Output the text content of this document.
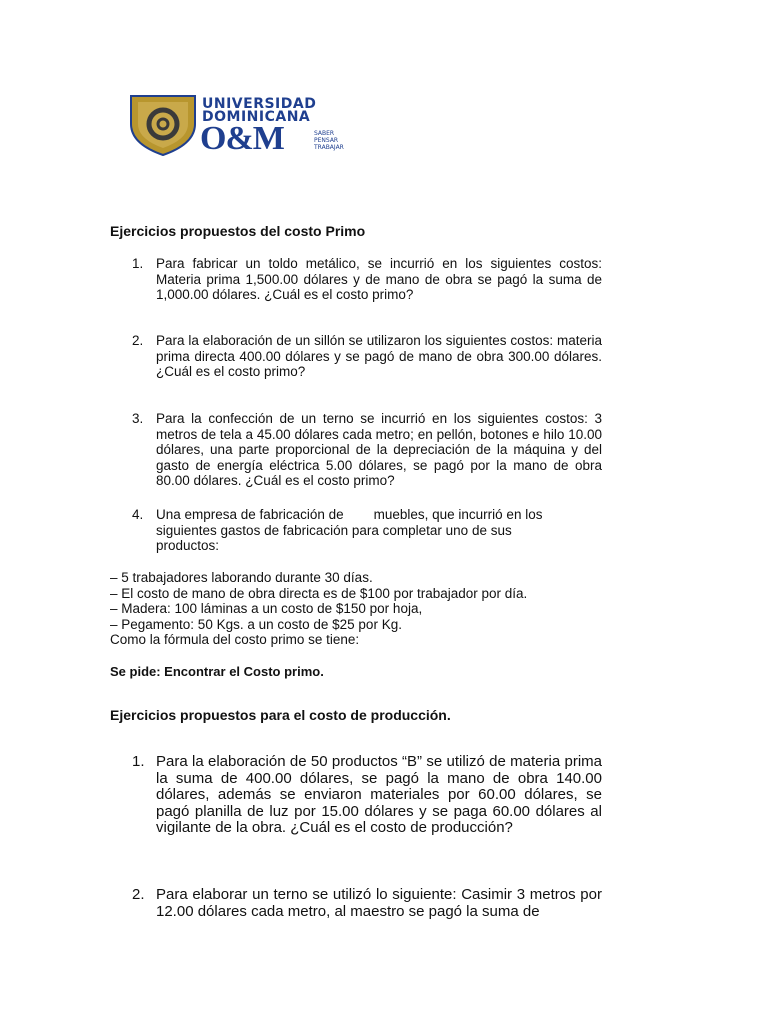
UNIVERSIDAD
DOMINICANA
O&M	SABER
PENSAR
TRABAJAR
Ejercicios propuestos del costo Primo
1. Para fabricar un toldo metálico, se incurrió en los siguientes costos: Materia prima 1,500.00 dólares y de mano de obra se pagó la suma de 1,000.00 dólares. ¿Cuál es el costo primo?
2. Para la elaboración de un sillón se utilizaron los siguientes costos: materia prima directa 400.00 dólares y se pagó de mano de obra 300.00 dólares. ¿Cuál es el costo primo?
3. Para la confección de un terno se incurrió en los siguientes costos: 3 metros de tela a 45.00 dólares cada metro; en pellón, botones e hilo 10.00 dólares, una parte proporcional de la depreciación de la máquina y del gasto de energía eléctrica 5.00 dólares, se pagó por la mano de obra 80.00 dólares. ¿Cuál es el costo primo?
4. Una empresa de fabricación de        muebles, que incurrió en los siguientes gastos de fabricación para completar uno de sus productos:
– 5 trabajadores laborando durante 30 días.
– El costo de mano de obra directa es de $100 por trabajador por día.
– Madera: 100 láminas a un costo de $150 por hoja,
– Pegamento: 50 Kgs. a un costo de $25 por Kg.
Como la fórmula del costo primo se tiene:
Se pide: Encontrar el Costo primo.
Ejercicios propuestos para el costo de producción.
1. Para la elaboración de 50 productos “B” se utilizó de materia prima la suma de 400.00 dólares, se pagó la mano de obra 140.00 dólares, además se enviaron materiales por 60.00 dólares, se pagó planilla de luz por 15.00 dólares y se paga 60.00 dólares al vigilante de la obra. ¿Cuál es el costo de producción?
2. Para elaborar un terno se utilizó lo siguiente: Casimir 3 metros por 12.00 dólares cada metro, al maestro se pagó la suma de
